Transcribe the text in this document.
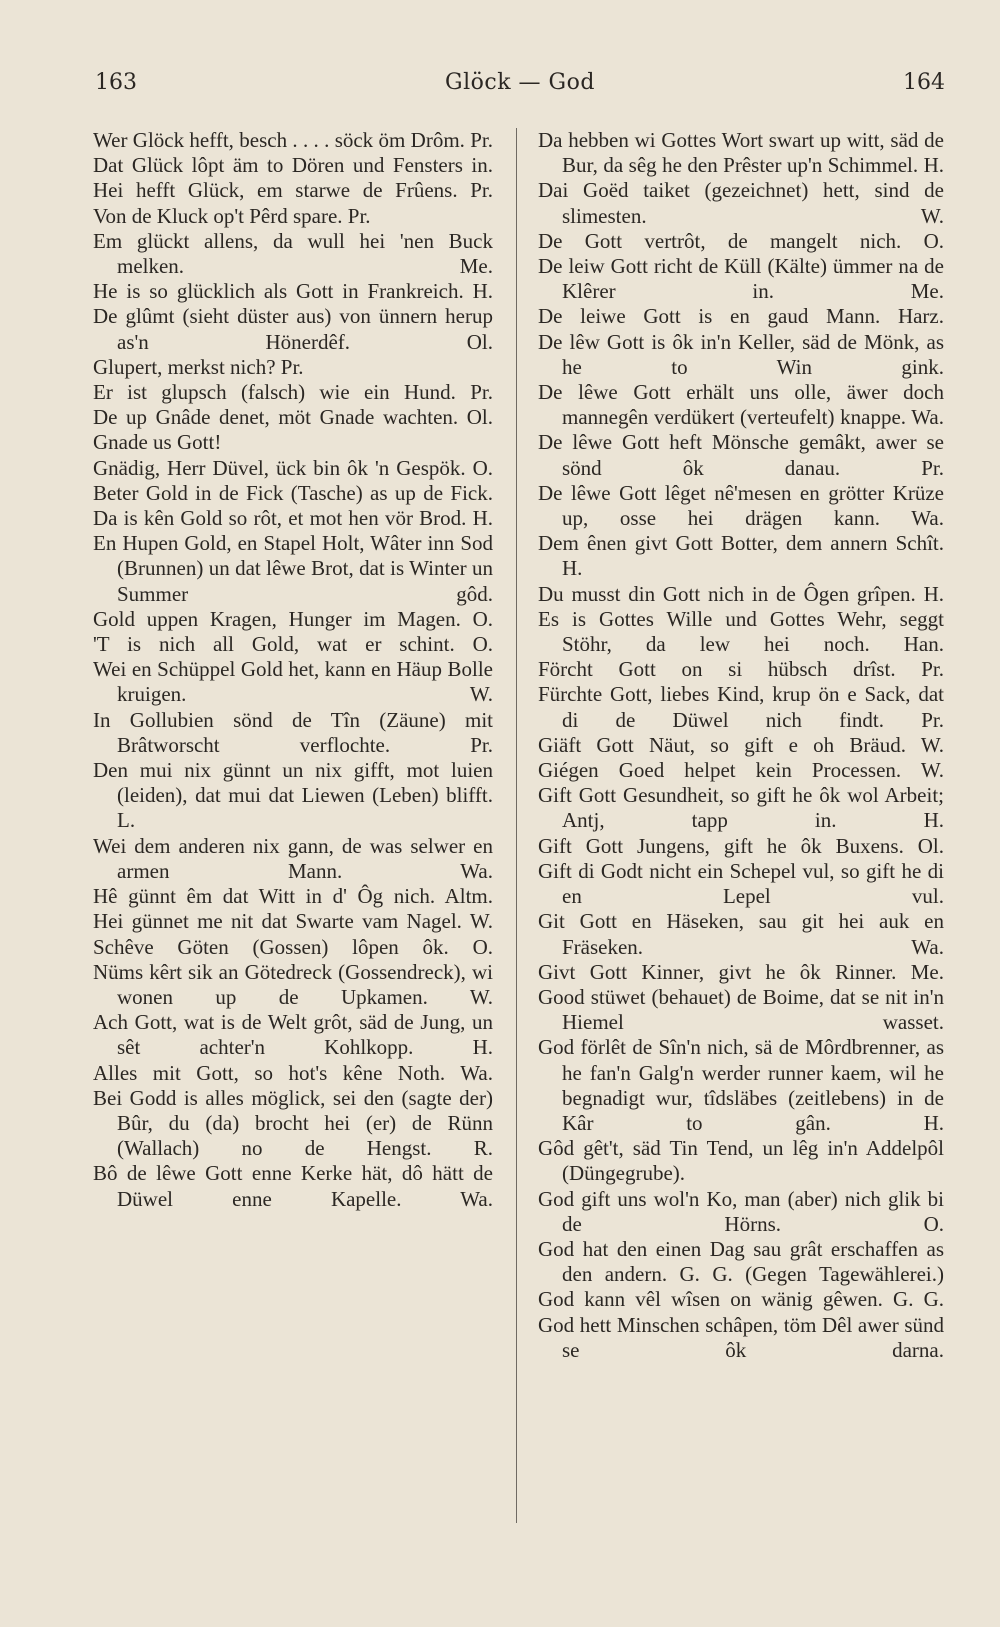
163	Glöck — God	164

Wer Glöck hefft, besch . . . . söck öm Drôm. Pr.

Dat Glück lôpt äm to Dören und Fensters in.

Hei hefft Glück, em starwe de Frûens. Pr.

Von de Kluck op't Pêrd spare. Pr.

Em glückt allens, da wull hei 'nen Buck melken. Me.

He is so glücklich als Gott in Frankreich. H.

De glûmt (sieht düster aus) von ünnern herup as'n Hönerdêf. Ol.

Glupert, merkst nich? Pr.

Er ist glupsch (falsch) wie ein Hund. Pr.

De up Gnâde denet, möt Gnade wachten. Ol.

Gnade us Gott!

Gnädig, Herr Düvel, ück bin ôk 'n Gespök. O.

Beter Gold in de Fick (Tasche) as up de Fick.

Da is kên Gold so rôt, et mot hen vör Brod. H.

En Hupen Gold, en Stapel Holt, Wâter inn Sod (Brunnen) un dat lêwe Brot, dat is Winter un Summer gôd.

Gold uppen Kragen, Hunger im Magen. O.

'T is nich all Gold, wat er schint. O.

Wei en Schüppel Gold het, kann en Häup Bolle kruigen. W.

In Gollubien sönd de Tîn (Zäune) mit Brâtworscht verflochte. Pr.

Den mui nix günnt un nix gifft, mot luien (leiden), dat mui dat Liewen (Leben) blifft. L.

Wei dem anderen nix gann, de was selwer en armen Mann. Wa.

Hê günnt êm dat Witt in d' Ôg nich. Altm.

Hei günnet me nit dat Swarte vam Nagel. W.

Schêve Göten (Gossen) lôpen ôk. O.

Nüms kêrt sik an Götedreck (Gossendreck), wi wonen up de Upkamen. W.

Ach Gott, wat is de Welt grôt, säd de Jung, un sêt achter'n Kohlkopp. H.

Alles mit Gott, so hot's kêne Noth. Wa.

Bei Godd is alles möglick, sei den (sagte der) Bûr, du (da) brocht hei (er) de Rünn (Wallach) no de Hengst. R.

Bô de lêwe Gott enne Kerke hät, dô hätt de Düwel enne Kapelle. Wa.

Da hebben wi Gottes Wort swart up witt, säd de Bur, da sêg he den Prêster up'n Schimmel. H.

Dai Goëd taiket (gezeichnet) hett, sind de slimesten. W.

De Gott vertrôt, de mangelt nich. O.

De leiw Gott richt de Küll (Kälte) ümmer na de Klêrer in. Me.

De leiwe Gott is en gaud Mann. Harz.

De lêw Gott is ôk in'n Keller, säd de Mönk, as he to Win gink.

De lêwe Gott erhält uns olle, äwer doch mannegên verdükert (verteufelt) knappe. Wa.

De lêwe Gott heft Mönsche gemâkt, awer se sönd ôk danau. Pr.

De lêwe Gott lêget nê'mesen en grötter Krüze up, osse hei drägen kann. Wa.

Dem ênen givt Gott Botter, dem annern Schît. H.

Du musst din Gott nich in de Ôgen grîpen. H.

Es is Gottes Wille und Gottes Wehr, seggt Stöhr, da lew hei noch. Han.

Förcht Gott on si hübsch drîst. Pr.

Fürchte Gott, liebes Kind, krup ön e Sack, dat di de Düwel nich findt. Pr.

Giäft Gott Näut, so gift e oh Bräud. W.

Giégen Goed helpet kein Processen. W.

Gift Gott Gesundheit, so gift he ôk wol Arbeit; Antj, tapp in. H.

Gift Gott Jungens, gift he ôk Buxens. Ol.

Gift di Godt nicht ein Schepel vul, so gift he di en Lepel vul.

Git Gott en Häseken, sau git hei auk en Fräseken. Wa.

Givt Gott Kinner, givt he ôk Rinner. Me.

Good stüwet (behauet) de Boime, dat se nit in'n Hiemel wasset.

God förlêt de Sîn'n nich, sä de Môrdbrenner, as he fan'n Galg'n werder runner kaem, wil he begnadigt wur, tîdsläbes (zeitlebens) in de Kâr to gân. H.

Gôd gêt't, säd Tin Tend, un lêg in'n Addelpôl (Düngegrube).

God gift uns wol'n Ko, man (aber) nich glik bi de Hörns. O.

God hat den einen Dag sau grât erschaffen as den andern. G. G. (Gegen Tagewählerei.)

God kann vêl wîsen on wänig gêwen. G. G.

God hett Minschen schâpen, töm Dêl awer sünd se ôk darna.
